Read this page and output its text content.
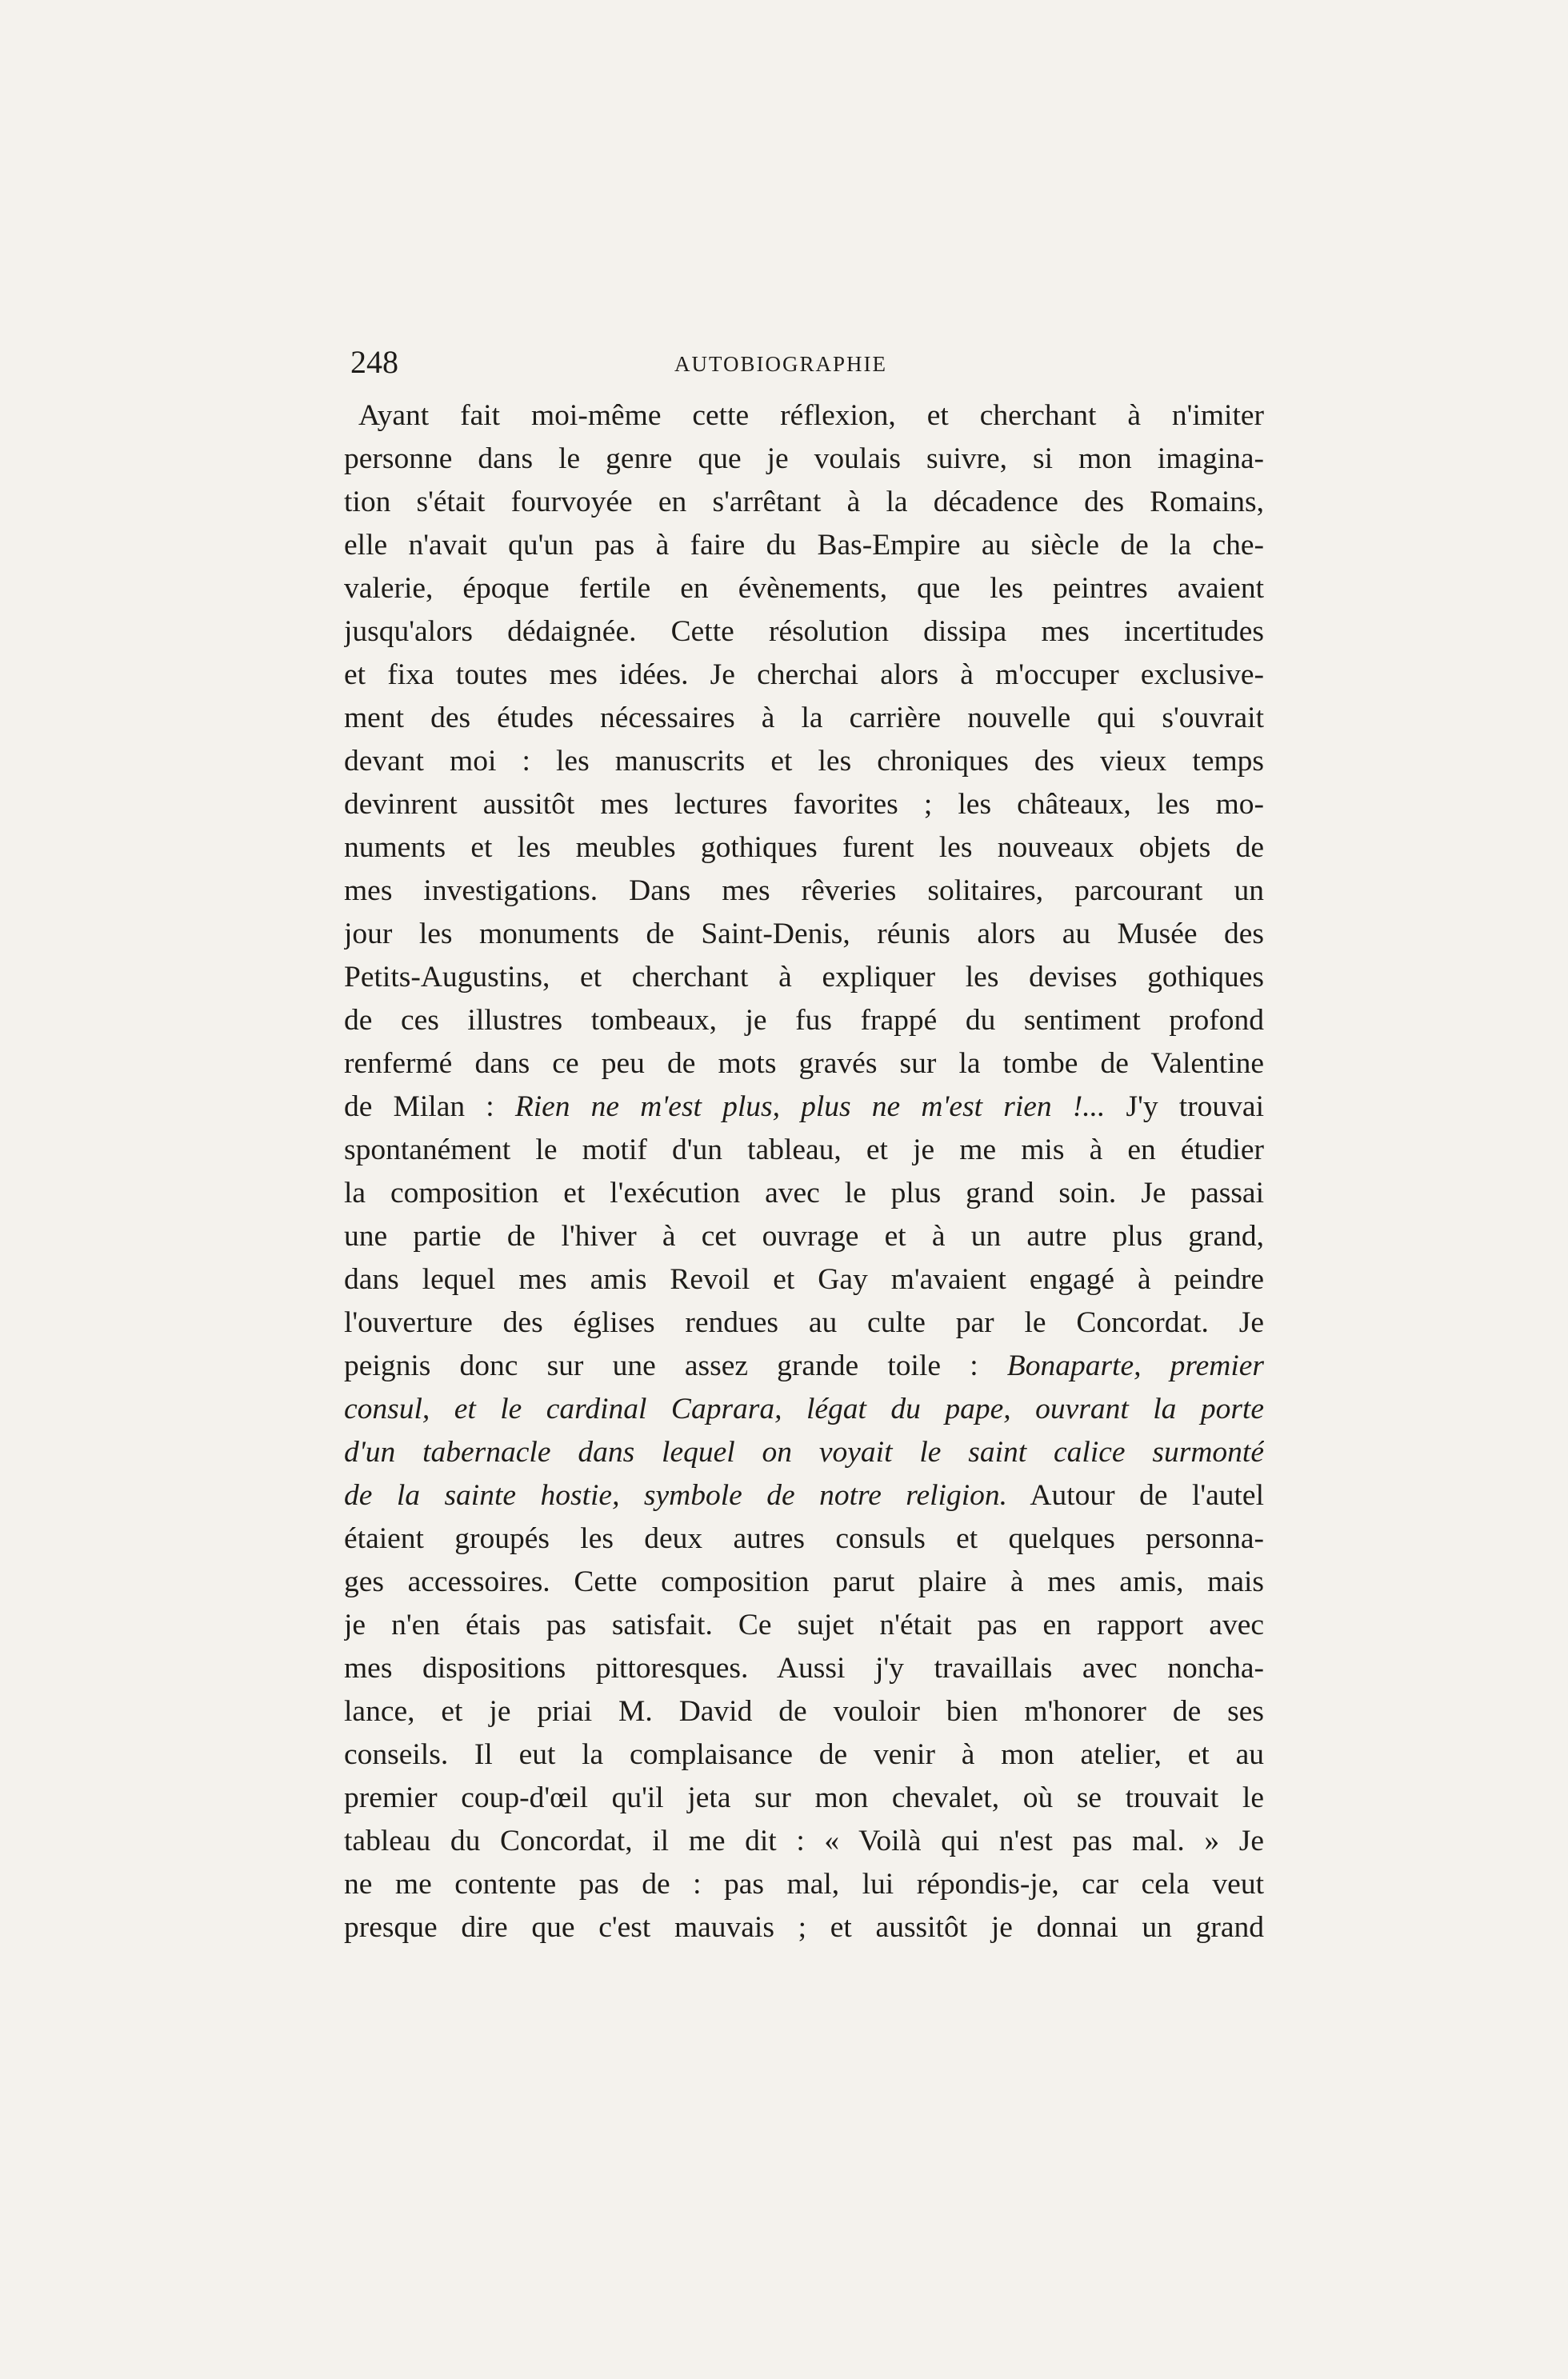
248	AUTOBIOGRAPHIE
Ayant fait moi-même cette réflexion, et cherchant à n'imiter
personne dans le genre que je voulais suivre, si mon imagina-
tion s'était fourvoyée en s'arrêtant à la décadence des Romains,
elle n'avait qu'un pas à faire du Bas-Empire au siècle de la che-
valerie, époque fertile en évènements, que les peintres avaient
jusqu'alors dédaignée. Cette résolution dissipa mes incertitudes
et fixa toutes mes idées. Je cherchai alors à m'occuper exclusive-
ment des études nécessaires à la carrière nouvelle qui s'ouvrait
devant moi : les manuscrits et les chroniques des vieux temps
devinrent aussitôt mes lectures favorites ; les châteaux, les mo-
numents et les meubles gothiques furent les nouveaux objets de
mes investigations. Dans mes rêveries solitaires, parcourant un
jour les monuments de Saint-Denis, réunis alors au Musée des
Petits-Augustins, et cherchant à expliquer les devises gothiques
de ces illustres tombeaux, je fus frappé du sentiment profond
renfermé dans ce peu de mots gravés sur la tombe de Valentine
de Milan : Rien ne m'est plus, plus ne m'est rien !... J'y trouvai
spontanément le motif d'un tableau, et je me mis à en étudier
la composition et l'exécution avec le plus grand soin. Je passai
une partie de l'hiver à cet ouvrage et à un autre plus grand,
dans lequel mes amis Revoil et Gay m'avaient engagé à peindre
l'ouverture des églises rendues au culte par le Concordat. Je
peignis donc sur une assez grande toile : Bonaparte, premier
consul, et le cardinal Caprara, légat du pape, ouvrant la porte
d'un tabernacle dans lequel on voyait le saint calice surmonté
de la sainte hostie, symbole de notre religion. Autour de l'autel
étaient groupés les deux autres consuls et quelques personna-
ges accessoires. Cette composition parut plaire à mes amis, mais
je n'en étais pas satisfait. Ce sujet n'était pas en rapport avec
mes dispositions pittoresques. Aussi j'y travaillais avec noncha-
lance, et je priai M. David de vouloir bien m'honorer de ses
conseils. Il eut la complaisance de venir à mon atelier, et au
premier coup-d'œil qu'il jeta sur mon chevalet, où se trouvait le
tableau du Concordat, il me dit : « Voilà qui n'est pas mal. » Je
ne me contente pas de : pas mal, lui répondis-je, car cela veut
presque dire que c'est mauvais ; et aussitôt je donnai un grand
